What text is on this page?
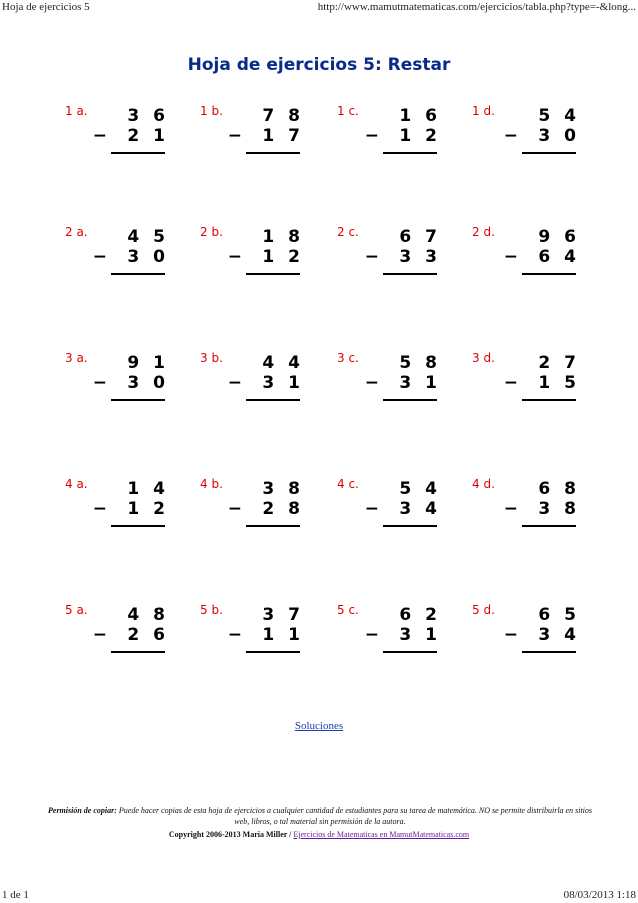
Hoja de ejercicios 5	http://www.mamutmatematicas.com/ejercicios/tabla.php?type=-&long...
Hoja de ejercicios 5: Restar
1 a.	3 6
−	2 1
1 b.	7 8
−	1 7
1 c.	1 6
−	1 2
1 d.	5 4
−	3 0
2 a.	4 5
−	3 0
2 b.	1 8
−	1 2
2 c.	6 7
−	3 3
2 d.	9 6
−	6 4
3 a.	9 1
−	3 0
3 b.	4 4
−	3 1
3 c.	5 8
−	3 1
3 d.	2 7
−	1 5
4 a.	1 4
−	1 2
4 b.	3 8
−	2 8
4 c.	5 4
−	3 4
4 d.	6 8
−	3 8
5 a.	4 8
−	2 6
5 b.	3 7
−	1 1
5 c.	6 2
−	3 1
5 d.	6 5
−	3 4
Soluciones
Permisión de copiar: Puede hacer copias de esta hoja de ejercicios a cualquier cantidad de estudiantes para su tarea de matemática. NO se permite distribuirla en sitios web, libros, o tal material sin permisión de la autora.
Copyright 2006-2013 Maria Miller / Ejercicios de Matematicas en MamutMatematicas.com
1 de 1	08/03/2013 1:18
